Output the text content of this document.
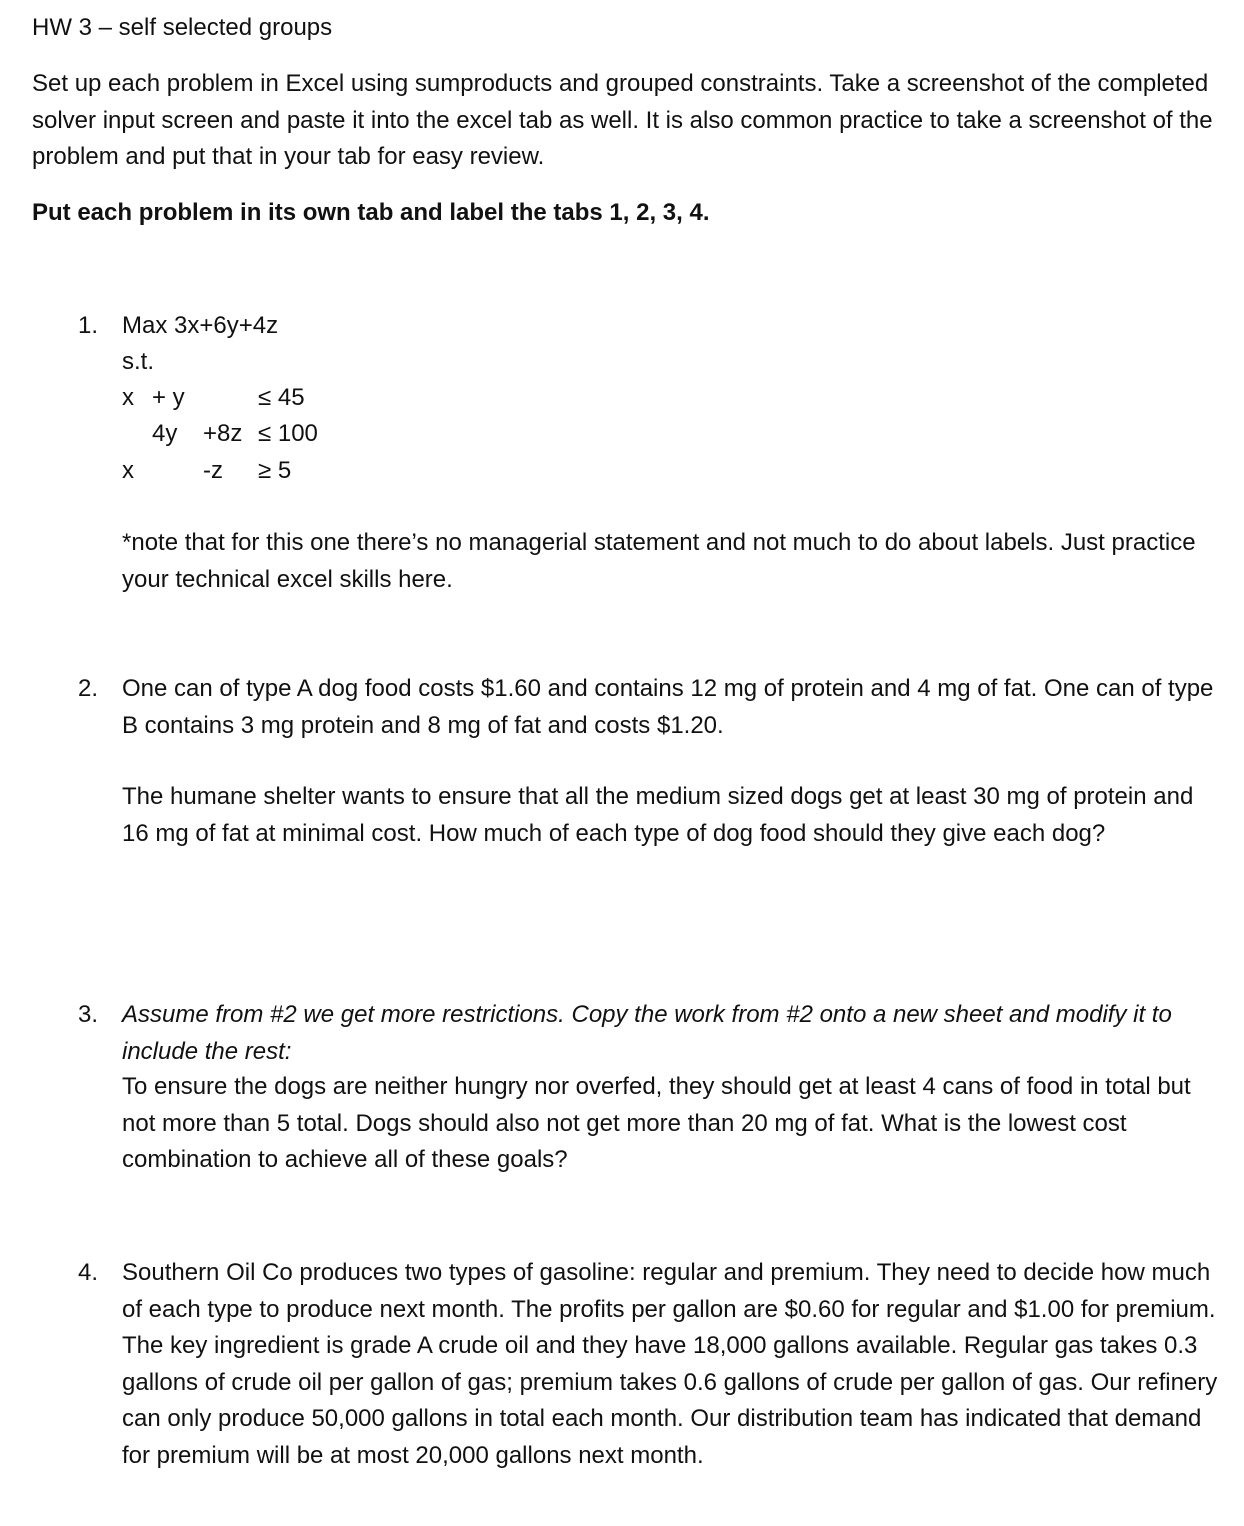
HW 3 – self selected groups
Set up each problem in Excel using sumproducts and grouped constraints. Take a screenshot of the completed solver input screen and paste it into the excel tab as well. It is also common practice to take a screenshot of the problem and put that in your tab for easy review.
Put each problem in its own tab and label the tabs 1, 2, 3, 4.
1. Max 3x+6y+4z
s.t.
x + y	≤ 45
4y +8z ≤ 100
x	-z ≥ 5
*note that for this one there’s no managerial statement and not much to do about labels. Just practice your technical excel skills here.
2. One can of type A dog food costs $1.60 and contains 12 mg of protein and 4 mg of fat. One can of type B contains 3 mg protein and 8 mg of fat and costs $1.20.
The humane shelter wants to ensure that all the medium sized dogs get at least 30 mg of protein and 16 mg of fat at minimal cost. How much of each type of dog food should they give each dog?
3. Assume from #2 we get more restrictions. Copy the work from #2 onto a new sheet and modify it to include the rest:
To ensure the dogs are neither hungry nor overfed, they should get at least 4 cans of food in total but not more than 5 total. Dogs should also not get more than 20 mg of fat. What is the lowest cost combination to achieve all of these goals?
4. Southern Oil Co produces two types of gasoline: regular and premium. They need to decide how much of each type to produce next month. The profits per gallon are $0.60 for regular and $1.00 for premium. The key ingredient is grade A crude oil and they have 18,000 gallons available. Regular gas takes 0.3 gallons of crude oil per gallon of gas; premium takes 0.6 gallons of crude per gallon of gas. Our refinery can only produce 50,000 gallons in total each month. Our distribution team has indicated that demand for premium will be at most 20,000 gallons next month.
